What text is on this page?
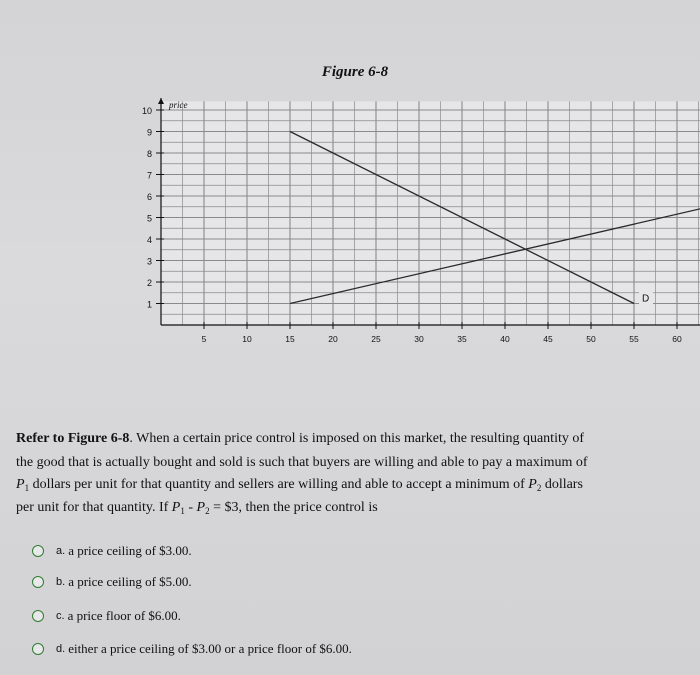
Figure 6-8
1
2
3
4
5
6
7
8
9
10
5	10	15	20	25	30	35	40	45	50	55	60
price
D
Refer to Figure 6-8. When a certain price control is imposed on this market, the resulting quantity of
the good that is actually bought and sold is such that buyers are willing and able to pay a maximum of
$P_1$ dollars per unit for that quantity and sellers are willing and able to accept a minimum of $P_2$ dollars
per unit for that quantity. If $P_1 - P_2$ = $3, then the price control is
a. a price ceiling of $3.00.
b. a price ceiling of $5.00.
c. a price floor of $6.00.
d. either a price ceiling of $3.00 or a price floor of $6.00.
